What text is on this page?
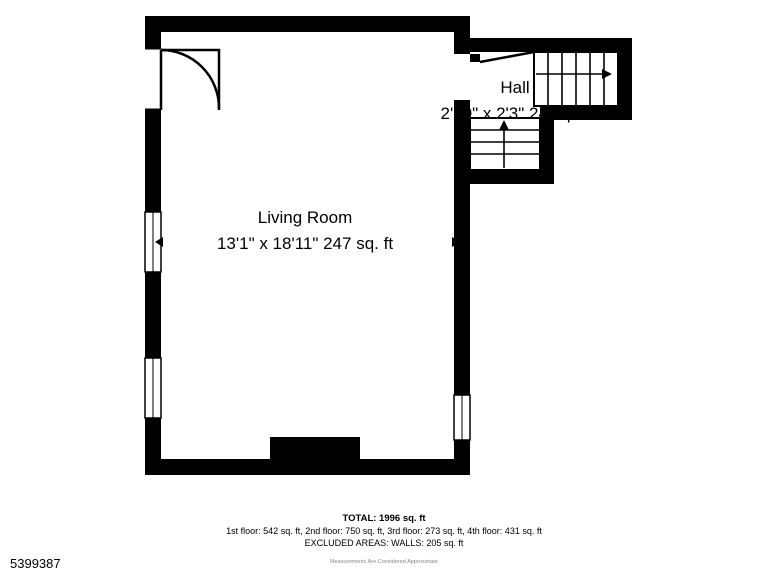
Living Room
13'1" x 18'11" 247 sq. ft
Hall
2'10" x 2'3" 24 sq. ft
TOTAL: 1996 sq. ft
1st floor: 542 sq. ft, 2nd floor: 750 sq. ft, 3rd floor: 273 sq. ft, 4th floor: 431 sq. ft
EXCLUDED AREAS: WALLS: 205 sq. ft
Measurements Are Considered Approximate
5399387
